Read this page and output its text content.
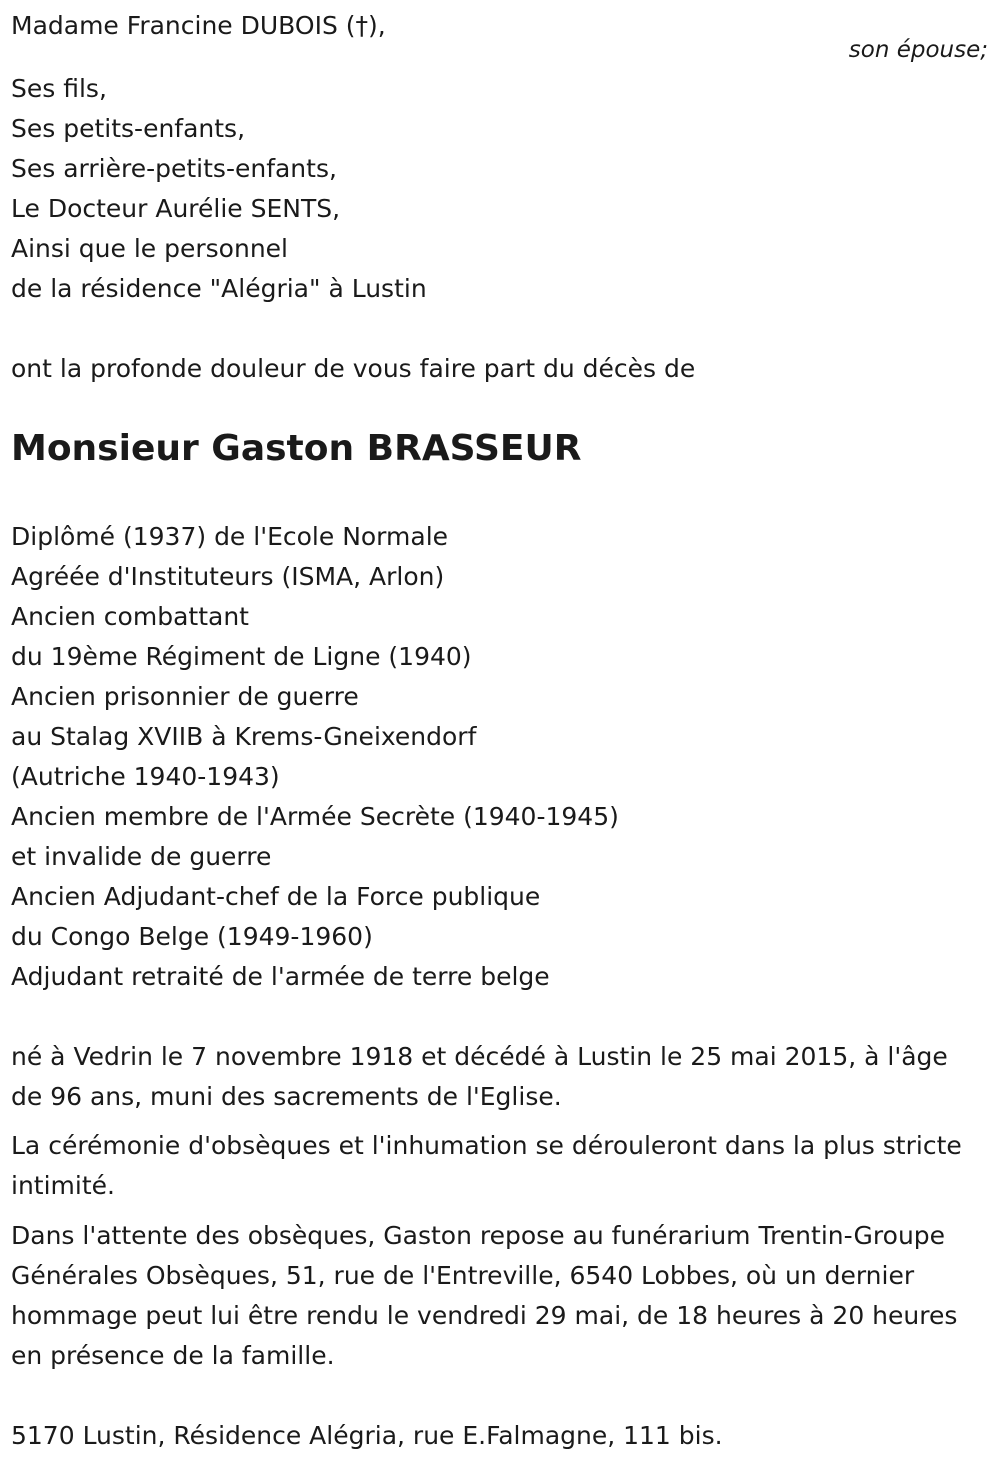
Madame Francine DUBOIS (†),
son épouse;
Ses fils,
Ses petits-enfants,
Ses arrière-petits-enfants,
Le Docteur Aurélie SENTS,
Ainsi que le personnel
de la résidence "Alégria" à Lustin
ont la profonde douleur de vous faire part du décès de
Monsieur Gaston BRASSEUR
Diplômé (1937) de l'Ecole Normale
Agréée d'Instituteurs (ISMA, Arlon)
Ancien combattant
du 19ème Régiment de Ligne (1940)
Ancien prisonnier de guerre
au Stalag XVIIB à Krems-Gneixendorf
(Autriche 1940-1943)
Ancien membre de l'Armée Secrète (1940-1945)
et invalide de guerre
Ancien Adjudant-chef de la Force publique
du Congo Belge (1949-1960)
Adjudant retraité de l'armée de terre belge
né à Vedrin le 7 novembre 1918 et décédé à Lustin le 25 mai 2015, à l'âge de 96 ans, muni des sacrements de l'Eglise.
La cérémonie d'obsèques et l'inhumation se dérouleront dans la plus stricte intimité.
Dans l'attente des obsèques, Gaston repose au funérarium Trentin-Groupe Générales Obsèques, 51, rue de l'Entreville, 6540 Lobbes, où un dernier hommage peut lui être rendu le vendredi 29 mai, de 18 heures à 20 heures en présence de la famille.
5170 Lustin, Résidence Alégria, rue E.Falmagne, 111 bis.
